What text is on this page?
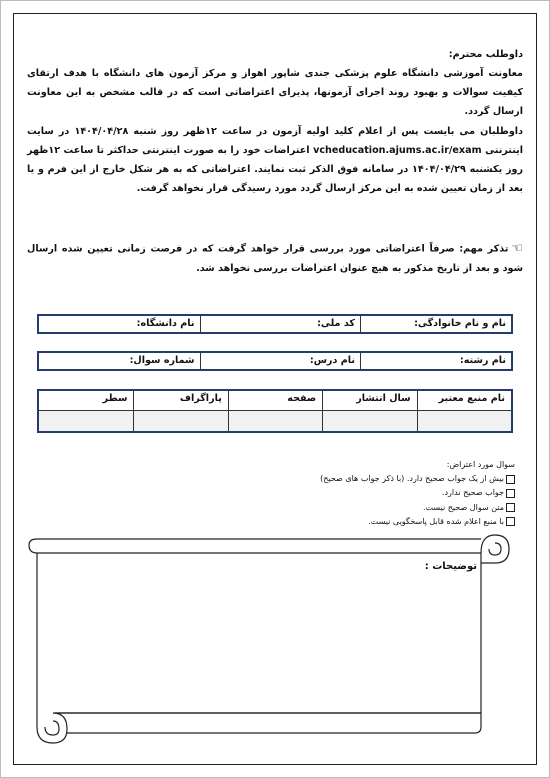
داوطلب محترم:

معاونت آموزشی دانشگاه علوم پزشکی جندی شاپور اهواز و مرکز آزمون های دانشگاه با هدف ارتقای کیفیت سوالات و بهبود روند اجرای آزمونها، پذیرای اعتراضاتی است که در قالب مشخص به این معاونت ارسال گردد.

داوطلبان می بایست پس از اعلام کلید اولیه آزمون در ساعت ۱۲ظهر روز شنبه ۱۴۰۴/۰۴/۲۸ در سایت اینترنتی vcheducation.ajums.ac.ir/exam اعتراضات خود را به صورت اینترنتی حداکثر تا ساعت ۱۲ظهر روز یکشنبه ۱۴۰۴/۰۴/۲۹ در سامانه فوق الذکر ثبت نمایند. اعتراضاتی که به هر شکل خارج از این فرم و یا بعد از زمان تعیین شده به این مرکز ارسال گردد مورد رسیدگی قرار نخواهد گرفت.

☜تذکر مهم: صرفاً اعتراضاتی مورد بررسی قرار خواهد گرفت که در فرصت زمانی تعیین شده ارسال شود و بعد از تاریخ مذکور به هیچ عنوان اعتراضات بررسی نخواهد شد.
نام و نام خانوادگی:
کد ملی:
نام دانشگاه:
نام رشته:
نام درس:
شماره سوال:
نام منبع معتبر
سال انتشار
صفحه
پاراگراف
سطر
سوال مورد اعتراض:
بیش از یک جواب صحیح دارد. (با ذکر جواب های صحیح)
جواب صحیح ندارد.
متن سوال صحیح نیست.
با منبع اعلام شده قابل پاسخگویی نیست.
توضیحات :
